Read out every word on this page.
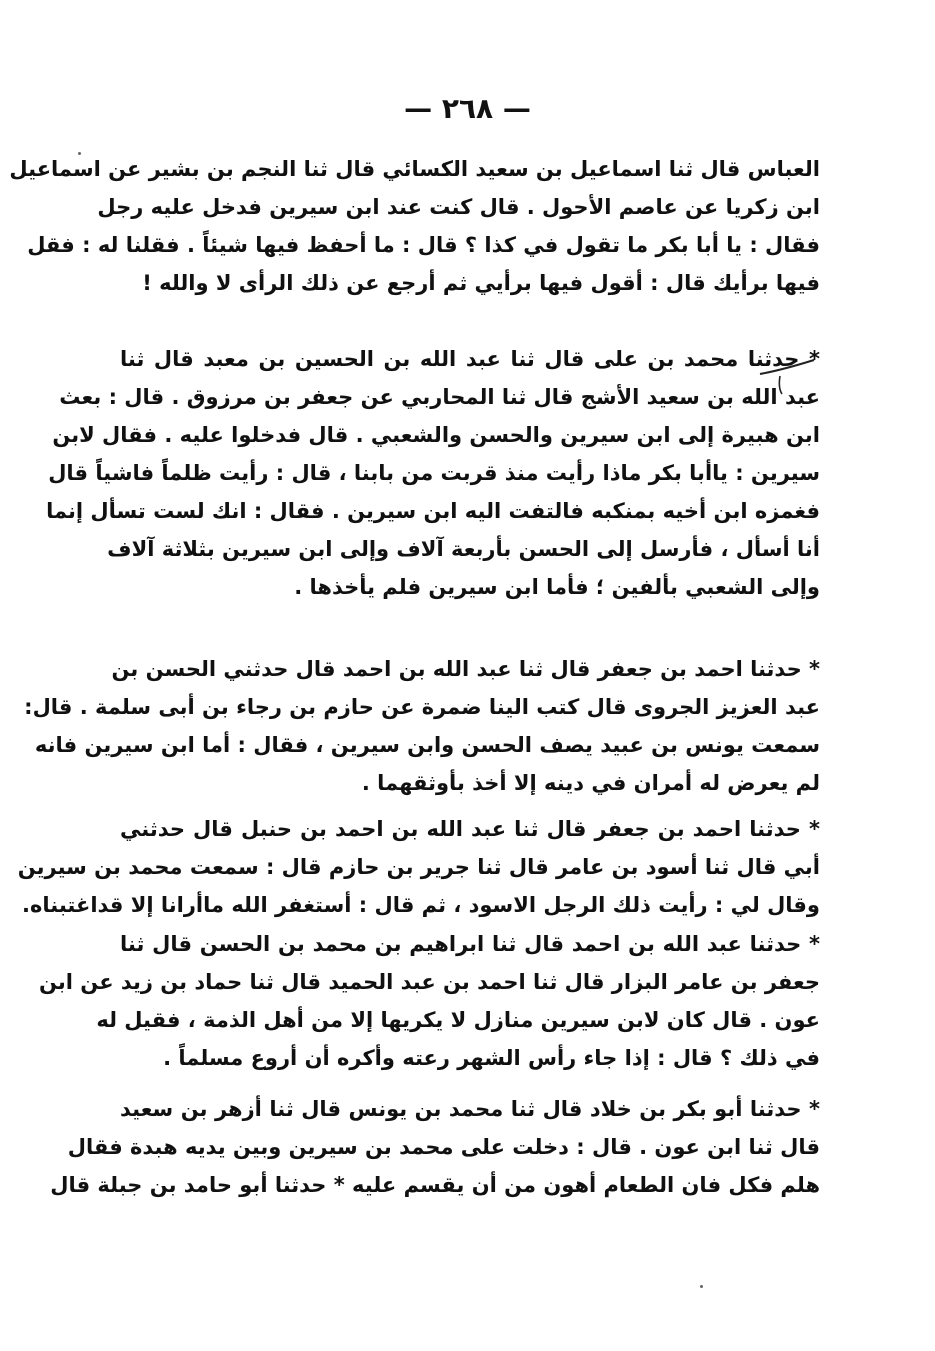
— ٢٦٨ —
العباس قال ثنا اسماعيل بن سعيد الكسائي قال ثنا النجم بن بشير عن اسماعيل
ابن زكريا عن عاصم الأحول . قال كنت عند ابن سيرين فدخل عليه رجل
فقال : يا أبا بكر ما تقول في كذا ؟ قال : ما أحفظ فيها شيئاً . فقلنا له : فقل
فيها برأيك قال : أقول فيها برأيي ثم أرجع عن ذلك الرأى لا والله !
* حدثنا محمد بن على قال ثنا عبد الله بن الحسين بن معبد قال ثنا
عبد الله بن سعيد الأشج قال ثنا المحاربي عن جعفر بن مرزوق . قال : بعث
ابن هبيرة إلى ابن سيرين والحسن والشعبي . قال فدخلوا عليه . فقال لابن
سيرين : ياأبا بكر ماذا رأيت منذ قربت من بابنا ، قال : رأيت ظلماً فاشياً قال
فغمزه ابن أخيه بمنكبه فالتفت اليه ابن سيرين . فقال : انك لست تسأل إنما
أنا أسأل ، فأرسل إلى الحسن بأربعة آلاف وإلى ابن سيرين بثلاثة آلاف
وإلى الشعبي بألفين ؛ فأما ابن سيرين فلم يأخذها .
* حدثنا احمد بن جعفر قال ثنا عبد الله بن احمد قال حدثني الحسن بن
عبد العزيز الجروى قال كتب الينا ضمرة عن حازم بن رجاء بن أبى سلمة . قال:
سمعت يونس بن عبيد يصف الحسن وابن سيرين ، فقال : أما ابن سيرين فانه
لم يعرض له أمران في دينه إلا أخذ بأوثقهما .
* حدثنا احمد بن جعفر قال ثنا عبد الله بن احمد بن حنبل قال حدثني
أبي قال ثنا أسود بن عامر قال ثنا جرير بن حازم قال : سمعت محمد بن سيرين
وقال لي : رأيت ذلك الرجل الاسود ، ثم قال : أستغفر الله ماأرانا إلا قداغتبناه.
* حدثنا عبد الله بن احمد قال ثنا ابراهيم بن محمد بن الحسن قال ثنا
جعفر بن عامر البزار قال ثنا احمد بن عبد الحميد قال ثنا حماد بن زيد عن ابن
عون . قال كان لابن سيرين منازل لا يكريها إلا من أهل الذمة ، فقيل له
في ذلك ؟ قال : إذا جاء رأس الشهر رعته وأكره أن أروع مسلماً .
* حدثنا أبو بكر بن خلاد قال ثنا محمد بن يونس قال ثنا أزهر بن سعيد
قال ثنا ابن عون . قال : دخلت على محمد بن سيرين وبين يديه هبدة فقال
هلم فكل فان الطعام أهون من أن يقسم عليه * حدثنا أبو حامد بن جبلة قال
